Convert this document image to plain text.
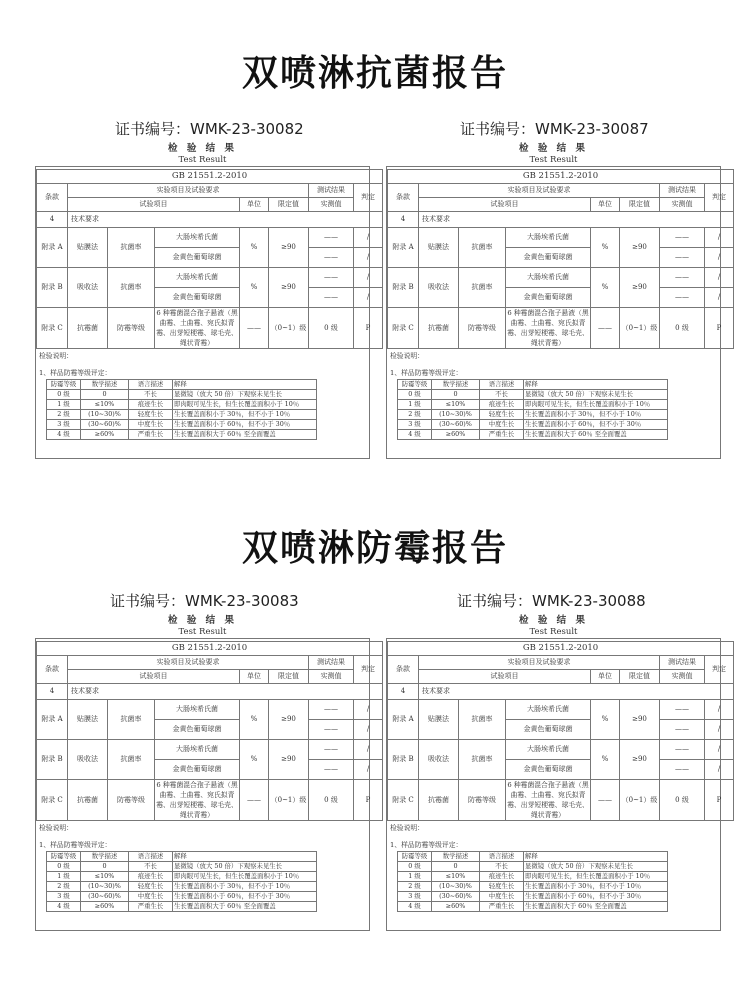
双喷淋抗菌报告
双喷淋防霉报告
证书编号：WMK-23-30082	证书编号：WMK-23-30087
证书编号：WMK-23-30083	证书编号：WMK-23-30088
检 验 结 果
Test Result
GB 21551.2-2010							
条款	实验项目及试验要求					测试结果	判定
	试验项目			单位	限定值	实测值	
4	技术要求						
附录 A	贴膜法	抗菌率	大肠埃希氏菌	%	≥90	——	/
			金黄色葡萄球菌			——	/
附录 B	吸收法	抗菌率	大肠埃希氏菌	%	≥90	——	/
			金黄色葡萄球菌			——	/
附录 C	抗霉菌	防霉等级	6 种霉菌混合孢子悬液（黑曲霉、土曲霉、宛氏拟青霉、出芽短梗霉、球毛壳、绳状青霉）	——	（0~1）级	0 级	P
检验说明：
1、样品防霉等级评定：
防霉等级	数学描述	语言描述	解释
0 级	0	不长	显微镜（放大 50 倍）下观察未见生长
1 级	≤10%	痕迹生长	即肉眼可见生长，但生长覆盖面积小于 10％
2 级	(10~30)%	轻度生长	生长覆盖面积小于 30％，但不小于 10％
3 级	(30~60)%	中度生长	生长覆盖面积小于 60％，但不小于 30％
4 级	≥60%	严重生长	生长覆盖面积大于 60％ 至全面覆盖
检 验 结 果
Test Result
GB 21551.2-2010							
条款	实验项目及试验要求					测试结果	判定
	试验项目			单位	限定值	实测值	
4	技术要求						
附录 A	贴膜法	抗菌率	大肠埃希氏菌	%	≥90	——	/
			金黄色葡萄球菌			——	/
附录 B	吸收法	抗菌率	大肠埃希氏菌	%	≥90	——	/
			金黄色葡萄球菌			——	/
附录 C	抗霉菌	防霉等级	6 种霉菌混合孢子悬液（黑曲霉、土曲霉、宛氏拟青霉、出芽短梗霉、球毛壳、绳状青霉）	——	（0~1）级	0 级	P
检验说明：
1、样品防霉等级评定：
防霉等级	数学描述	语言描述	解释
0 级	0	不长	显微镜（放大 50 倍）下观察未见生长
1 级	≤10%	痕迹生长	即肉眼可见生长，但生长覆盖面积小于 10％
2 级	(10~30)%	轻度生长	生长覆盖面积小于 30％，但不小于 10％
3 级	(30~60)%	中度生长	生长覆盖面积小于 60％，但不小于 30％
4 级	≥60%	严重生长	生长覆盖面积大于 60％ 至全面覆盖
检 验 结 果
Test Result
GB 21551.2-2010							
条款	实验项目及试验要求					测试结果	判定
	试验项目			单位	限定值	实测值	
4	技术要求						
附录 A	贴膜法	抗菌率	大肠埃希氏菌	%	≥90	——	/
			金黄色葡萄球菌			——	/
附录 B	吸收法	抗菌率	大肠埃希氏菌	%	≥90	——	/
			金黄色葡萄球菌			——	/
附录 C	抗霉菌	防霉等级	6 种霉菌混合孢子悬液（黑曲霉、土曲霉、宛氏拟青霉、出芽短梗霉、球毛壳、绳状青霉）	——	（0~1）级	0 级	P
检验说明：
1、样品防霉等级评定：
防霉等级	数学描述	语言描述	解释
0 级	0	不长	显微镜（放大 50 倍）下观察未见生长
1 级	≤10%	痕迹生长	即肉眼可见生长，但生长覆盖面积小于 10％
2 级	(10~30)%	轻度生长	生长覆盖面积小于 30％，但不小于 10％
3 级	(30~60)%	中度生长	生长覆盖面积小于 60％，但不小于 30％
4 级	≥60%	严重生长	生长覆盖面积大于 60％ 至全面覆盖
检 验 结 果
Test Result
GB 21551.2-2010							
条款	实验项目及试验要求					测试结果	判定
	试验项目			单位	限定值	实测值	
4	技术要求						
附录 A	贴膜法	抗菌率	大肠埃希氏菌	%	≥90	——	/
			金黄色葡萄球菌			——	/
附录 B	吸收法	抗菌率	大肠埃希氏菌	%	≥90	——	/
			金黄色葡萄球菌			——	/
附录 C	抗霉菌	防霉等级	6 种霉菌混合孢子悬液（黑曲霉、土曲霉、宛氏拟青霉、出芽短梗霉、球毛壳、绳状青霉）	——	（0~1）级	0 级	P
检验说明：
1、样品防霉等级评定：
防霉等级	数学描述	语言描述	解释
0 级	0	不长	显微镜（放大 50 倍）下观察未见生长
1 级	≤10%	痕迹生长	即肉眼可见生长，但生长覆盖面积小于 10％
2 级	(10~30)%	轻度生长	生长覆盖面积小于 30％，但不小于 10％
3 级	(30~60)%	中度生长	生长覆盖面积小于 60％，但不小于 30％
4 级	≥60%	严重生长	生长覆盖面积大于 60％ 至全面覆盖
